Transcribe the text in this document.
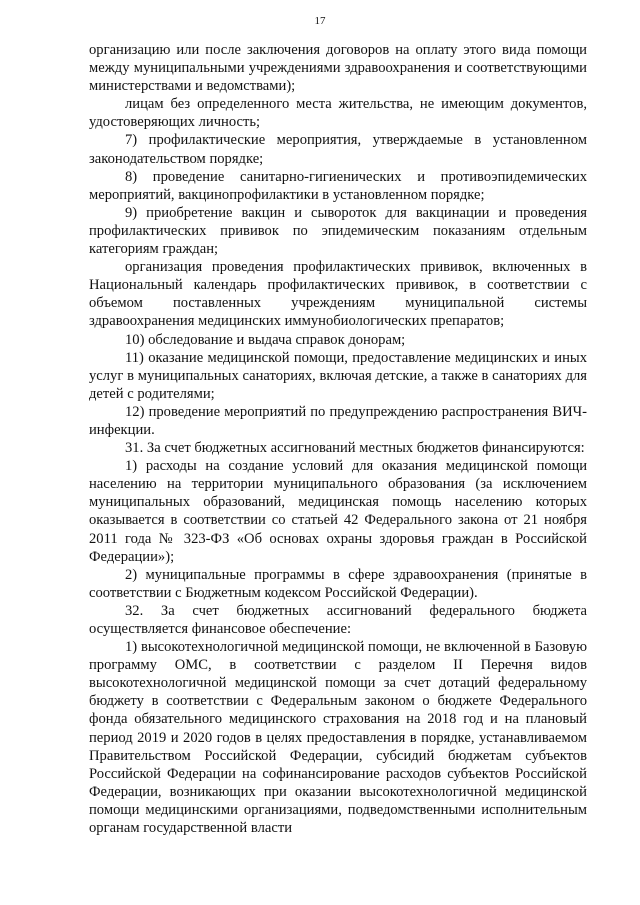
17

организацию или после заключения договоров на оплату этого вида помощи между муниципальными учреждениями здравоохранения и соответствующими министерствами и ведомствами);

лицам без определенного места жительства, не имеющим документов, удостоверяющих личность;

7) профилактические мероприятия, утверждаемые в установленном законодательством порядке;

8) проведение санитарно-гигиенических и противоэпидемических мероприятий, вакцинопрофилактики в установленном порядке;

9) приобретение вакцин и сывороток для вакцинации и проведения профилактических прививок по эпидемическим показаниям отдельным категориям граждан;

организация проведения профилактических прививок, включенных в Национальный календарь профилактических прививок, в соответствии с объемом поставленных учреждениям муниципальной системы здравоохранения медицинских иммунобиологических препаратов;

10) обследование и выдача справок донорам;

11) оказание медицинской помощи, предоставление медицинских и иных услуг в муниципальных санаториях, включая детские, а также в санаториях для детей с родителями;

12) проведение мероприятий по предупреждению распространения ВИЧ-инфекции.

31. За счет бюджетных ассигнований местных бюджетов финансируются:

1) расходы на создание условий для оказания медицинской помощи населению на территории муниципального образования (за исключением муниципальных образований, медицинская помощь населению которых оказывается в соответствии со статьей 42 Федерального закона от 21 ноября 2011 года № 323-ФЗ «Об основах охраны здоровья граждан в Российской Федерации»);

2) муниципальные программы в сфере здравоохранения (принятые в соответствии с Бюджетным кодексом Российской Федерации).

32. За счет бюджетных ассигнований федерального бюджета осуществляется финансовое обеспечение:

1) высокотехнологичной медицинской помощи, не включенной в Базовую программу ОМС, в соответствии с разделом II Перечня видов высокотехнологичной медицинской помощи за счет дотаций федеральному бюджету в соответствии с Федеральным законом о бюджете Федерального фонда обязательного медицинского страхования на 2018 год и на плановый период 2019 и 2020 годов в целях предоставления в порядке, устанавливаемом Правительством Российской Федерации, субсидий бюджетам субъектов Российской Федерации на софинансирование расходов субъектов Российской Федерации, возникающих при оказании высокотехнологичной медицинской помощи медицинскими организациями, подведомственными исполнительным органам государственной власти
